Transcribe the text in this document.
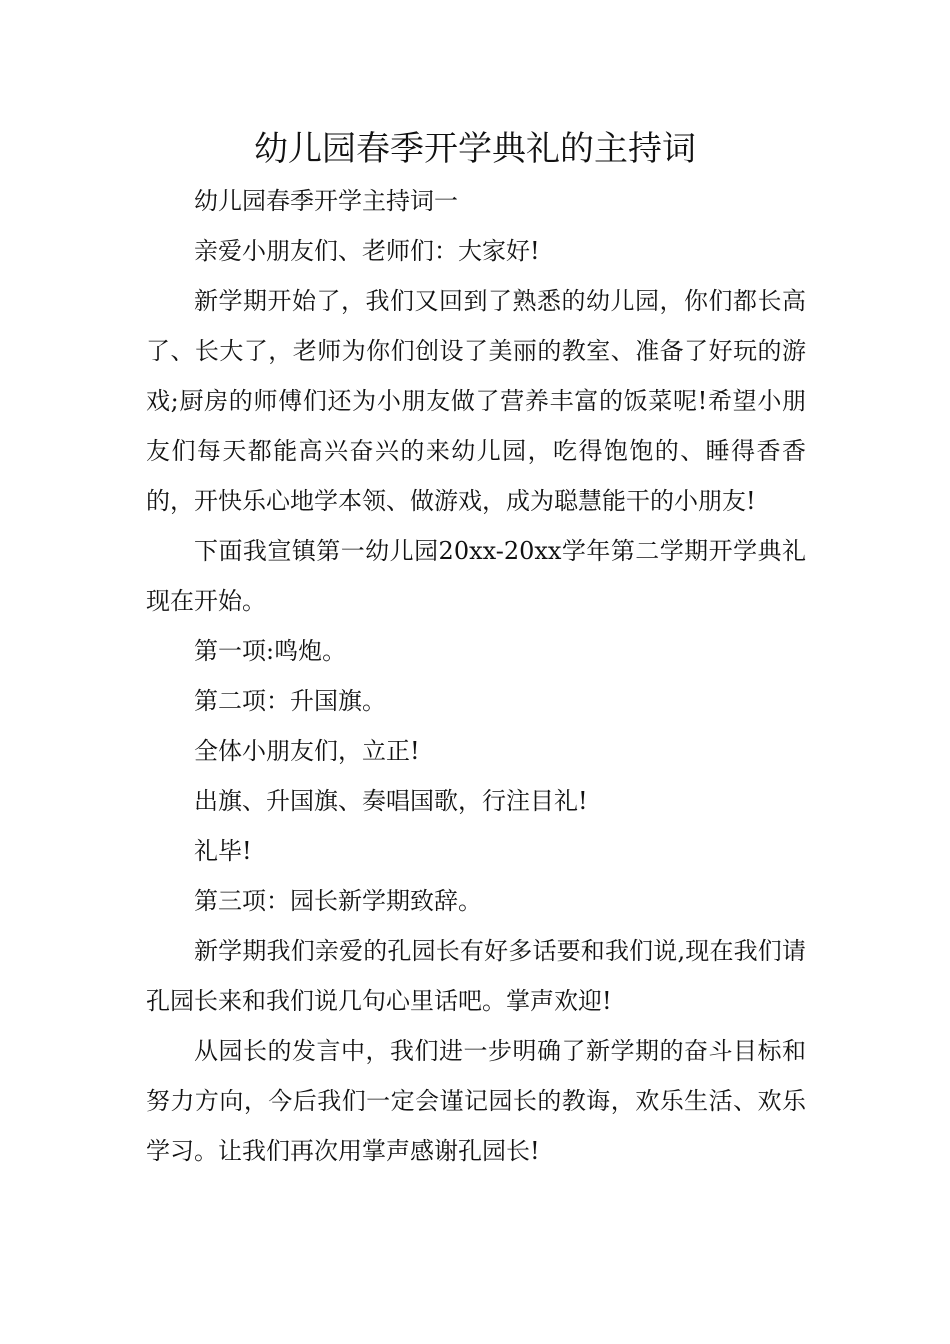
幼儿园春季开学典礼的主持词

幼儿园春季开学主持词一

亲爱小朋友们、老师们：大家好!

新学期开始了，我们又回到了熟悉的幼儿园，你们都长高了、长大了，老师为你们创设了美丽的教室、准备了好玩的游戏;厨房的师傅们还为小朋友做了营养丰富的饭菜呢!希望小朋友们每天都能高兴奋兴的来幼儿园，吃得饱饱的、睡得香香的，开快乐心地学本领、做游戏，成为聪慧能干的小朋友!

下面我宣镇第一幼儿园20xx-20xx学年第二学期开学典礼现在开始。

第一项:鸣炮。

第二项：升国旗。

全体小朋友们，立正!

出旗、升国旗、奏唱国歌，行注目礼!

礼毕!

第三项：园长新学期致辞。

新学期我们亲爱的孔园长有好多话要和我们说,现在我们请孔园长来和我们说几句心里话吧。掌声欢迎!

从园长的发言中，我们进一步明确了新学期的奋斗目标和努力方向，今后我们一定会谨记园长的教诲，欢乐生活、欢乐学习。让我们再次用掌声感谢孔园长!
